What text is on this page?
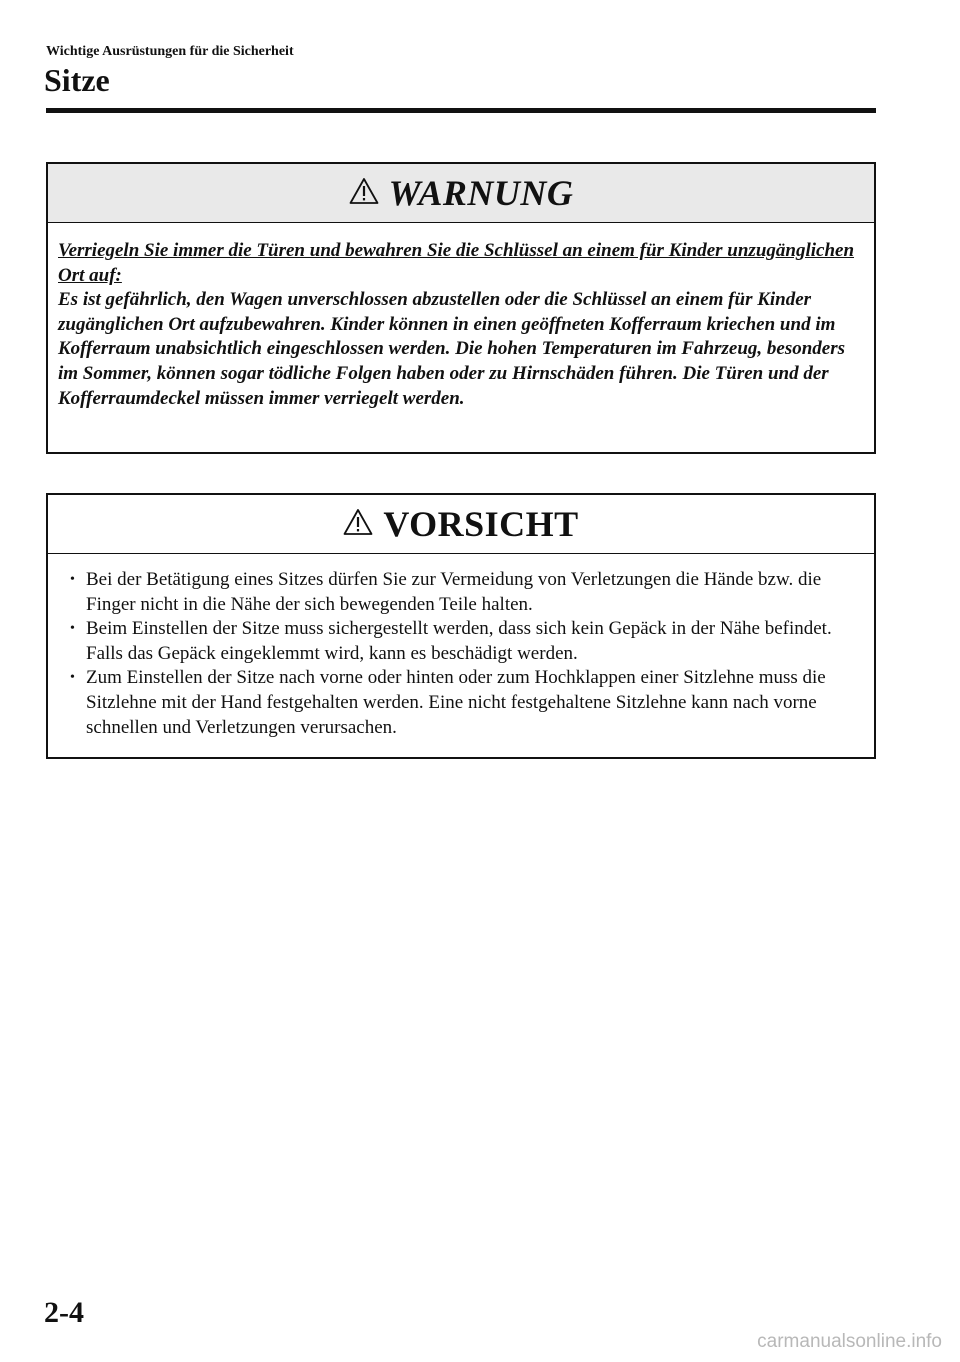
Wichtige Ausrüstungen für die Sicherheit
Sitze
WARNUNG
Verriegeln Sie immer die Türen und bewahren Sie die Schlüssel an einem für Kinder unzugänglichen Ort auf:
Es ist gefährlich, den Wagen unverschlossen abzustellen oder die Schlüssel an einem für Kinder zugänglichen Ort aufzubewahren. Kinder können in einen geöffneten Kofferraum kriechen und im Kofferraum unabsichtlich eingeschlossen werden. Die hohen Temperaturen im Fahrzeug, besonders im Sommer, können sogar tödliche Folgen haben oder zu Hirnschäden führen. Die Türen und der Kofferraumdeckel müssen immer verriegelt werden.
VORSICHT
• Bei der Betätigung eines Sitzes dürfen Sie zur Vermeidung von Verletzungen die Hände bzw. die Finger nicht in die Nähe der sich bewegenden Teile halten.
• Beim Einstellen der Sitze muss sichergestellt werden, dass sich kein Gepäck in der Nähe befindet. Falls das Gepäck eingeklemmt wird, kann es beschädigt werden.
• Zum Einstellen der Sitze nach vorne oder hinten oder zum Hochklappen einer Sitzlehne muss die Sitzlehne mit der Hand festgehalten werden. Eine nicht festgehaltene Sitzlehne kann nach vorne schnellen und Verletzungen verursachen.
2-4
carmanualsonline.info
